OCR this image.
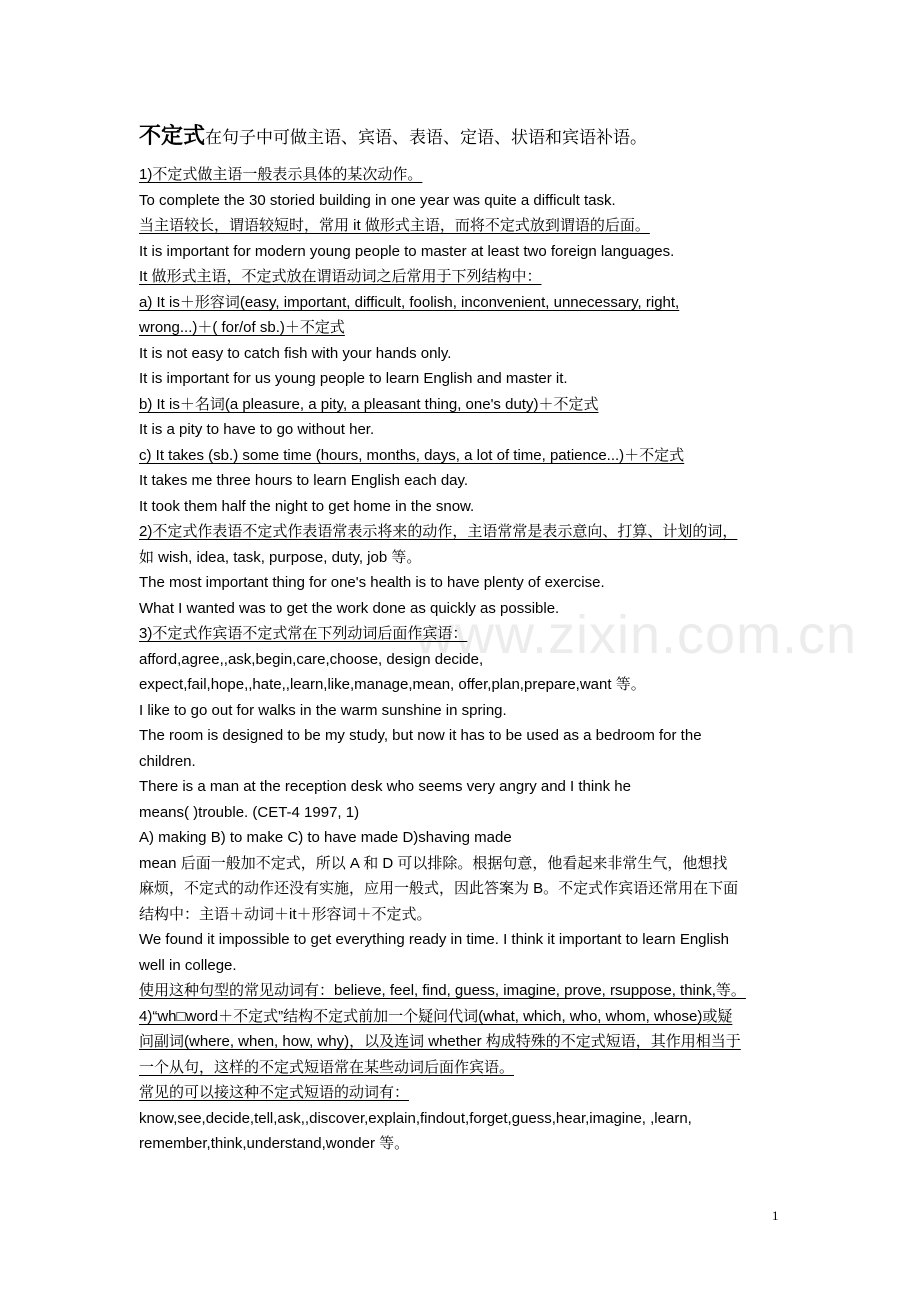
www.zixin.com.cn
不定式在句子中可做主语、宾语、表语、定语、状语和宾语补语。
1)不定式做主语一般表示具体的某次动作。
To complete the 30 storied building in one year was quite a difficult task.
当主语较长，谓语较短时，常用 it 做形式主语，而将不定式放到谓语的后面。
It is important for modern young people to master at least two foreign languages.
It 做形式主语，不定式放在谓语动词之后常用于下列结构中：
a) It is＋形容词(easy, important, difficult, foolish, inconvenient, unnecessary, right,
wrong...)＋( for/of sb.)＋不定式
It is not easy to catch fish with your hands only.
It is important for us young people to learn English and master it.
b) It is＋名词(a pleasure, a pity, a pleasant thing, one's duty)＋不定式
It is a pity to have to go without her.
c) It takes (sb.) some time (hours, months, days, a lot of time, patience...)＋不定式
It takes me three hours to learn English each day.
It took them half the night to get home in the snow.
2)不定式作表语不定式作表语常表示将来的动作，主语常常是表示意向、打算、计划的词，
如 wish, idea, task, purpose, duty, job 等。
The most important thing for one's health is to have plenty of exercise.
What I wanted was to get the work done as quickly as possible.
3)不定式作宾语不定式常在下列动词后面作宾语：
afford,agree,,ask,begin,care,choose, design decide,
expect,fail,hope,,hate,,learn,like,manage,mean, offer,plan,prepare,want 等。
I like to go out for walks in the warm sunshine in spring.
The room is designed to be my study, but now it has to be used as a bedroom for the
children.
There is a man at the reception desk who seems very angry and I think he
means( )trouble. (CET-4 1997, 1)
A) making B) to make C) to have made D)shaving made
mean 后面一般加不定式，所以 A 和 D 可以排除。根据句意，他看起来非常生气，他想找
麻烦，不定式的动作还没有实施，应用一般式，因此答案为 B。不定式作宾语还常用在下面
结构中：主语＋动词＋it＋形容词＋不定式。
We found it impossible to get everything ready in time. I think it important to learn English
well in college.
使用这种句型的常见动词有：believe, feel, find, guess, imagine, prove, rsuppose, think,等。
4)“wh□word＋不定式”结构不定式前加一个疑问代词(what, which, who, whom, whose)或疑
问副词(where, when, how, why)，以及连词 whether 构成特殊的不定式短语，其作用相当于
一个从句，这样的不定式短语常在某些动词后面作宾语。
常见的可以接这种不定式短语的动词有：
know,see,decide,tell,ask,,discover,explain,findout,forget,guess,hear,imagine, ,learn,
remember,think,understand,wonder 等。
1
